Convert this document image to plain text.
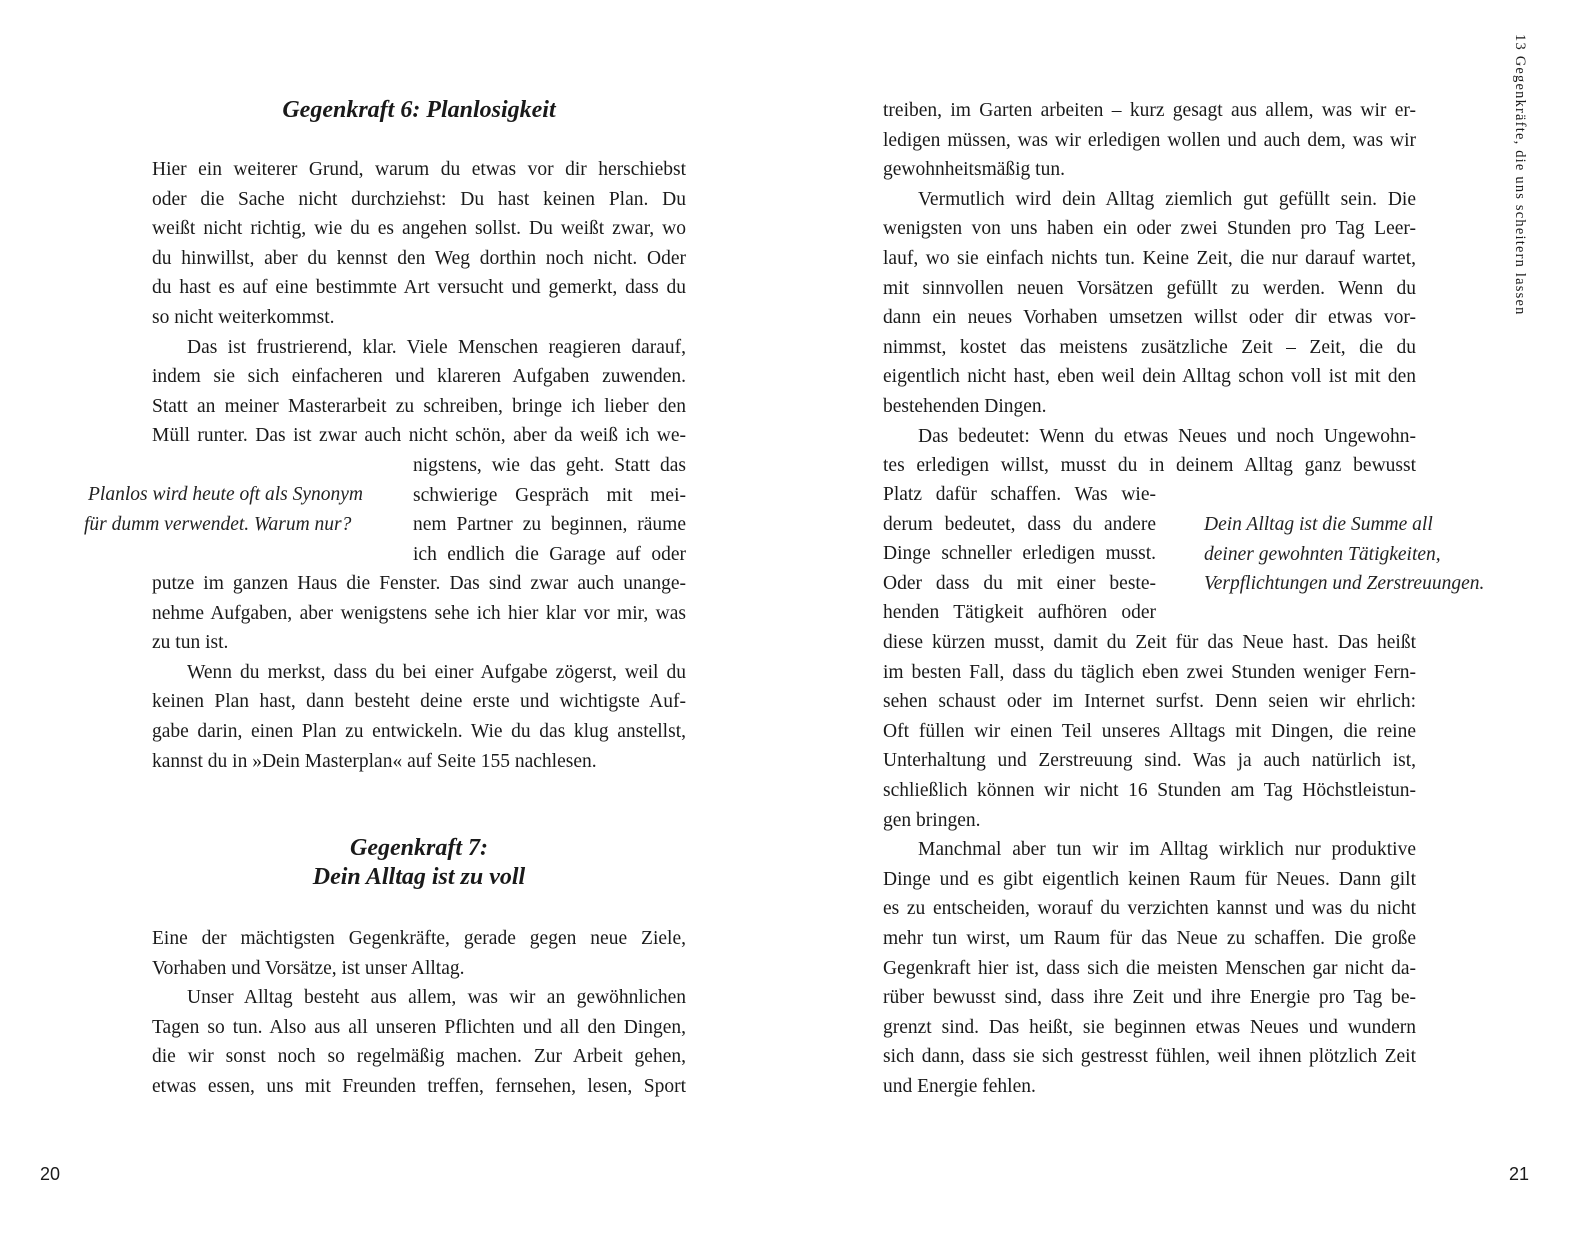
Gegenkraft 6: Planlosigkeit
Hier ein weiterer Grund, warum du etwas vor dir herschiebst
oder die Sache nicht durchziehst: Du hast keinen Plan. Du
weißt nicht richtig, wie du es angehen sollst. Du weißt zwar, wo
du hinwillst, aber du kennst den Weg dorthin noch nicht. Oder
du hast es auf eine bestimmte Art versucht und gemerkt, dass du
so nicht weiterkommst.
Das ist frustrierend, klar. Viele Menschen reagieren darauf,
indem sie sich einfacheren und klareren Aufgaben zuwenden.
Statt an meiner Masterarbeit zu schreiben, bringe ich lieber den
Müll runter. Das ist zwar auch nicht schön, aber da weiß ich we-
nigstens, wie das geht. Statt das
schwierige Gespräch mit mei-
nem Partner zu beginnen, räume
ich endlich die Garage auf oder
putze im ganzen Haus die Fenster. Das sind zwar auch unange-
nehme Aufgaben, aber wenigstens sehe ich hier klar vor mir, was
zu tun ist.
Wenn du merkst, dass du bei einer Aufgabe zögerst, weil du
keinen Plan hast, dann besteht deine erste und wichtigste Auf-
gabe darin, einen Plan zu entwickeln. Wie du das klug anstellst,
kannst du in »Dein Masterplan« auf Seite 155 nachlesen.
Planlos wird heute oft als Synonym
für dumm verwendet. Warum nur?
Gegenkraft 7:
Dein Alltag ist zu voll
Eine der mächtigsten Gegenkräfte, gerade gegen neue Ziele,
Vorhaben und Vorsätze, ist unser Alltag.
Unser Alltag besteht aus allem, was wir an gewöhnlichen
Tagen so tun. Also aus all unseren Pflichten und all den Dingen,
die wir sonst noch so regelmäßig machen. Zur Arbeit gehen,
etwas essen, uns mit Freunden treffen, fernsehen, lesen, Sport
20
treiben, im Garten arbeiten – kurz gesagt aus allem, was wir er-
ledigen müssen, was wir erledigen wollen und auch dem, was wir
gewohnheitsmäßig tun.
Vermutlich wird dein Alltag ziemlich gut gefüllt sein. Die
wenigsten von uns haben ein oder zwei Stunden pro Tag Leer-
lauf, wo sie einfach nichts tun. Keine Zeit, die nur darauf wartet,
mit sinnvollen neuen Vorsätzen gefüllt zu werden. Wenn du
dann ein neues Vorhaben umsetzen willst oder dir etwas vor-
nimmst, kostet das meistens zusätzliche Zeit – Zeit, die du
eigentlich nicht hast, eben weil dein Alltag schon voll ist mit den
bestehenden Dingen.
Das bedeutet: Wenn du etwas Neues und noch Ungewohn-
tes erledigen willst, musst du in deinem Alltag ganz bewusst
Platz dafür schaffen. Was wie-
derum bedeutet, dass du andere
Dinge schneller erledigen musst.
Oder dass du mit einer beste-
henden Tätigkeit aufhören oder
diese kürzen musst, damit du Zeit für das Neue hast. Das heißt
im besten Fall, dass du täglich eben zwei Stunden weniger Fern-
sehen schaust oder im Internet surfst. Denn seien wir ehrlich:
Oft füllen wir einen Teil unseres Alltags mit Dingen, die reine
Unterhaltung und Zerstreuung sind. Was ja auch natürlich ist,
schließlich können wir nicht 16 Stunden am Tag Höchstleistun-
gen bringen.
Manchmal aber tun wir im Alltag wirklich nur produktive
Dinge und es gibt eigentlich keinen Raum für Neues. Dann gilt
es zu entscheiden, worauf du verzichten kannst und was du nicht
mehr tun wirst, um Raum für das Neue zu schaffen. Die große
Gegenkraft hier ist, dass sich die meisten Menschen gar nicht da-
rüber bewusst sind, dass ihre Zeit und ihre Energie pro Tag be-
grenzt sind. Das heißt, sie beginnen etwas Neues und wundern
sich dann, dass sie sich gestresst fühlen, weil ihnen plötzlich Zeit
und Energie fehlen.
Dein Alltag ist die Summe all
deiner gewohnten Tätigkeiten,
Verpflichtungen und Zerstreuungen.
21
13 Gegenkräfte, die uns scheitern lassen
